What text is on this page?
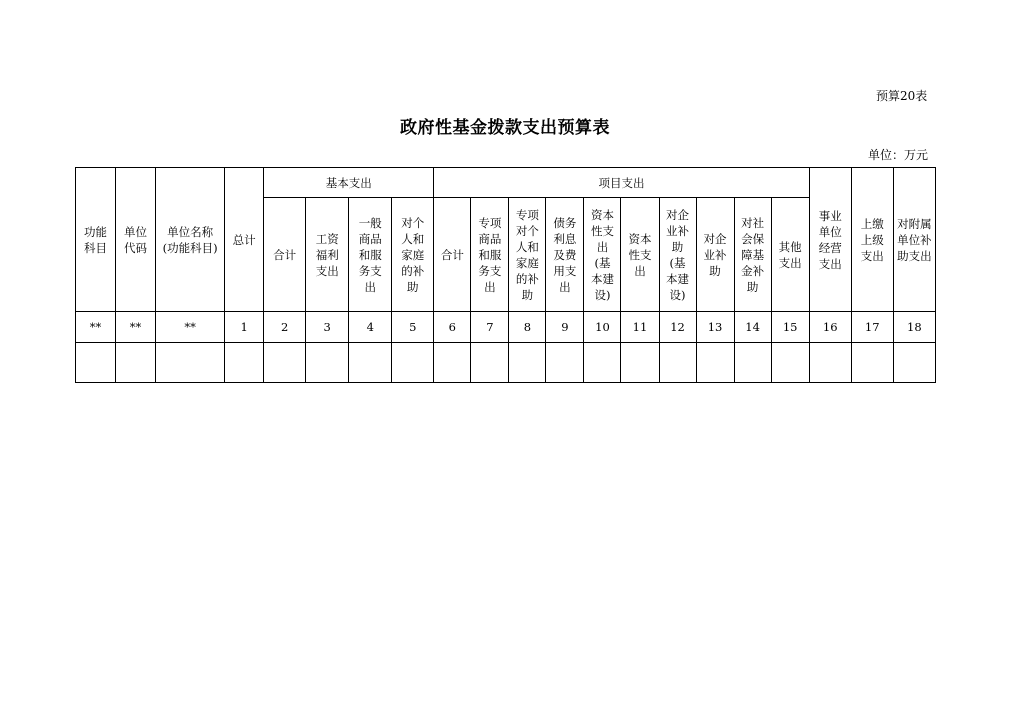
预算20表
政府性基金拨款支出预算表
单位：万元
功能科目	单位代码	单位名称(功能科目)	总计	基本支出				项目支出										事业单位经营支出	上缴上级支出	对附属单位补助支出
				合计	工资福利支出	一般商品和服务支出	对个人和家庭的补助	合计	专项商品和服务支出	专项对个人和家庭的补助	债务利息及费用支出	资本性支出(基本建设)	资本性支出	对企业补助(基本建设)	对企业补助	对社会保障基金补助	其他支出			
**	**	**	1	2	3	4	5	6	7	8	9	10	11	12	13	14	15	16	17	18
